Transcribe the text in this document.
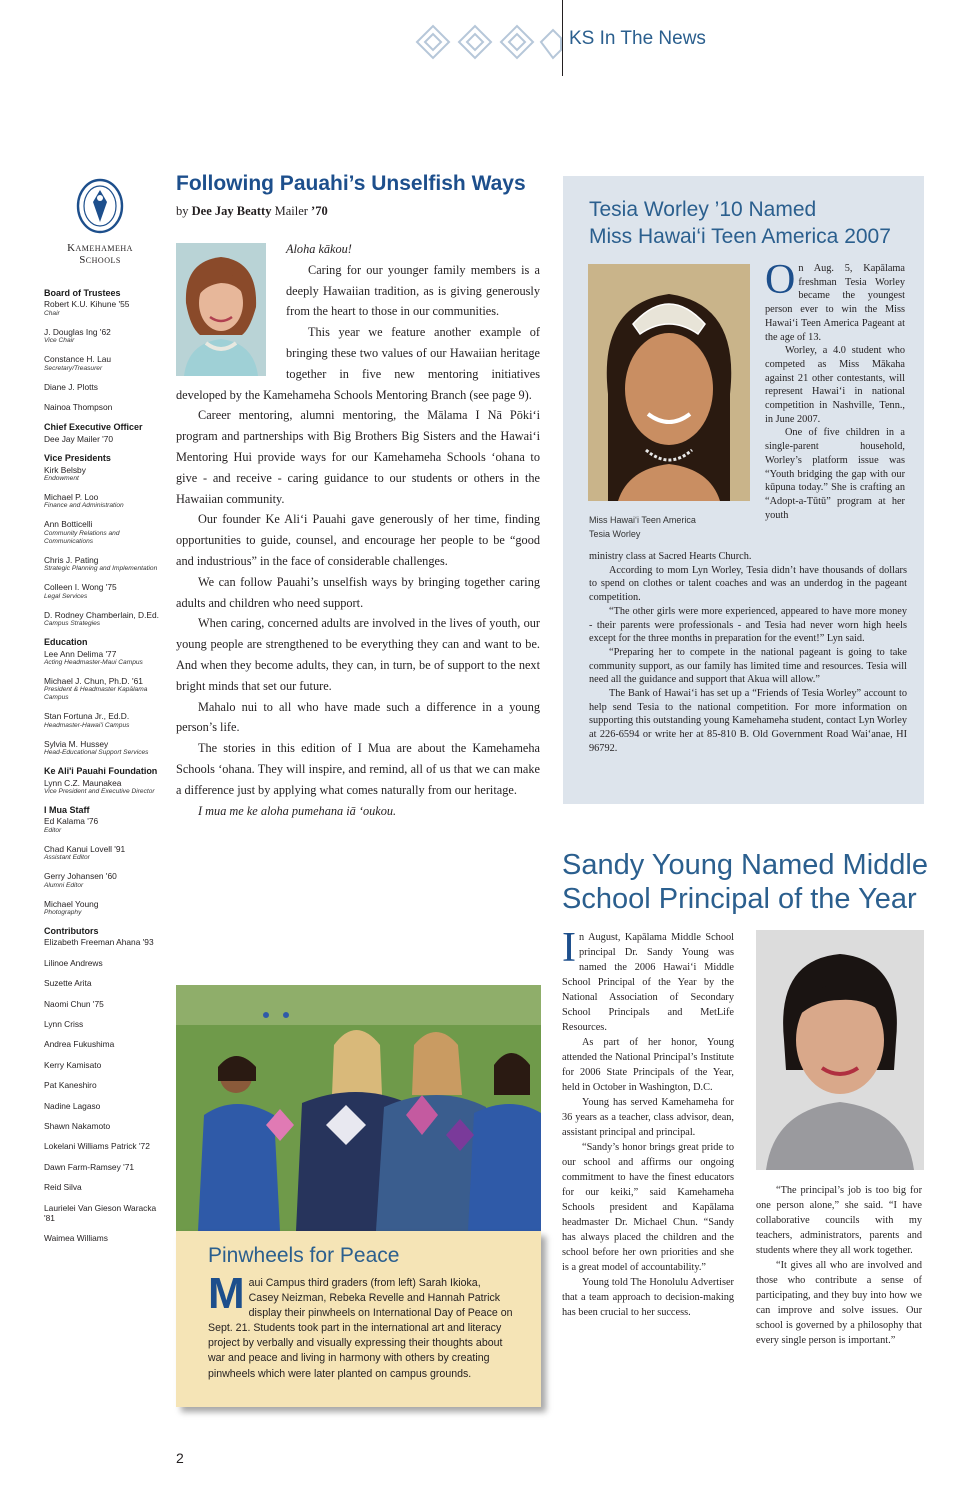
KS In The News
Kamehameha
Schools
Board of Trustees
Robert K.U. Kihune '55
Chair
J. Douglas Ing '62
Vice Chair
Constance H. Lau
Secretary/Treasurer
Diane J. Plotts
Nainoa Thompson
Chief Executive Officer
Dee Jay Mailer '70
Vice Presidents
Kirk Belsby
Endowment
Michael P. Loo
Finance and Administration
Ann Botticelli
Community Relations and Communications
Chris J. Pating
Strategic Planning and Implementation
Colleen I. Wong '75
Legal Services
D. Rodney Chamberlain, D.Ed.
Campus Strategies
Education
Lee Ann Delima '77
Acting Headmaster-Maui Campus
Michael J. Chun, Ph.D. '61
President & Headmaster Kapālama Campus
Stan Fortuna Jr., Ed.D.
Headmaster-Hawai'i Campus
Sylvia M. Hussey
Head-Educational Support Services
Ke Ali'i Pauahi Foundation
Lynn C.Z. Maunakea
Vice President and Executive Director
I Mua Staff
Ed Kalama '76
Editor
Chad Kanui Lovell '91
Assistant Editor
Gerry Johansen '60
Alumni Editor
Michael Young
Photography
Contributors
Elizabeth Freeman Ahana '93
Lilinoe Andrews
Suzette Arita
Naomi Chun '75
Lynn Criss
Andrea Fukushima
Kerry Kamisato
Pat Kaneshiro
Nadine Lagaso
Shawn Nakamoto
Lokelani Williams Patrick '72
Dawn Farm-Ramsey '71
Reid Silva
Laurielei Van Gieson Waracka '81
Waimea Williams
Following Pauahi’s Unselfish Ways
by Dee Jay Beatty Mailer ’70

Aloha kākou!

Caring for our younger family members is a deeply Hawaiian tradition, as is giving generously from the heart to those in our communities.

This year we feature another example of bringing these two values of our Hawaiian heritage together in five new mentoring initiatives developed by the Kamehameha Schools Mentoring Branch (see page 9).

Career mentoring, alumni mentoring, the Mālama I Nā Pōki‘i program and partnerships with Big Brothers Big Sisters and the Hawai‘i Mentoring Hui provide ways for our Kamehameha Schools ‘ohana to give - and receive - caring guidance to our students or others in the Hawaiian community.

Our founder Ke Ali‘i Pauahi gave generously of her time, finding opportunities to guide, counsel, and encourage her people to be “good and industrious” in the face of considerable challenges.

We can follow Pauahi’s unselfish ways by bringing together caring adults and children who need support.

When caring, concerned adults are involved in the lives of youth, our young people are strengthened to be everything they can and want to be. And when they become adults, they can, in turn, be of support to the next bright minds that set our future.

Mahalo nui to all who have made such a difference in a young person’s life.

The stories in this edition of I Mua are about the Kamehameha Schools ‘ohana. They will inspire, and remind, all of us that we can make a difference just by applying what comes naturally from our heritage.

I mua me ke aloha pumehana iā ‘oukou.

Pinwheels for Peace
M aui Campus third graders (from left) Sarah Ikioka, Casey Neizman, Rebeka Revelle and Hannah Patrick display their pinwheels on International Day of Peace on Sept. 21. Students took part in the international art and literacy project by verbally and visually expressing their thoughts about war and peace and living in harmony with others by creating pinwheels which were later planted on campus grounds.
Tesia Worley ’10 Named
Miss Hawai‘i Teen America 2007
Miss Hawai‘i Teen America
Tesia Worley

On Aug. 5, Kapālama freshman Tesia Worley became the youngest person ever to win the Miss Hawai‘i Teen America Pageant at the age of 13.

Worley, a 4.0 student who competed as Miss Mākaha against 21 other contestants, will represent Hawai‘i in national competition in Nashville, Tenn., in June 2007.

One of five children in a single-parent household, Worley’s platform issue was “Youth bridging the gap with our kūpuna today.” She is crafting an “Adopt-a-Tūtū” program at her youth

ministry class at Sacred Hearts Church.

According to mom Lyn Worley, Tesia didn’t have thousands of dollars to spend on clothes or talent coaches and was an underdog in the pageant competition.

“The other girls were more experienced, appeared to have more money - their parents were professionals - and Tesia had never worn high heels except for the three months in preparation for the event!” Lyn said.

“Preparing her to compete in the national pageant is going to take community support, as our family has limited time and resources. Tesia will need all the guidance and support that Akua will allow.”

The Bank of Hawai‘i has set up a “Friends of Tesia Worley” account to help send Tesia to the national competition. For more information on supporting this outstanding young Kamehameha student, contact Lyn Worley at 226-6594 or write her at 85-810 B. Old Government Road Wai‘anae, HI 96792.

Sandy Young Named Middle School Principal of the Year

In August, Kapālama Middle School principal Dr. Sandy Young was named the 2006 Hawai‘i Middle School Principal of the Year by the National Association of Secondary School Principals and MetLife Resources.

As part of her honor, Young attended the National Principal’s Institute for 2006 State Principals of the Year, held in October in Washington, D.C.

Young has served Kamehameha for 36 years as a teacher, class advisor, dean, assistant principal and principal.

“Sandy’s honor brings great pride to our school and affirms our ongoing commitment to have the finest educators for our keiki,” said Kamehameha Schools president and Kapālama headmaster Dr. Michael Chun. “Sandy has always placed the children and the school before her own priorities and she is a great model of accountability.”

Young told The Honolulu Advertiser that a team approach to decision-making has been crucial to her success.

“The principal’s job is too big for one person alone,” she said. “I have collaborative councils with my teachers, administrators, parents and students where they all work together.

“It gives all who are involved and those who contribute a sense of participating, and they buy into how we can improve and solve issues. Our school is governed by a philosophy that every single person is important.”

2
